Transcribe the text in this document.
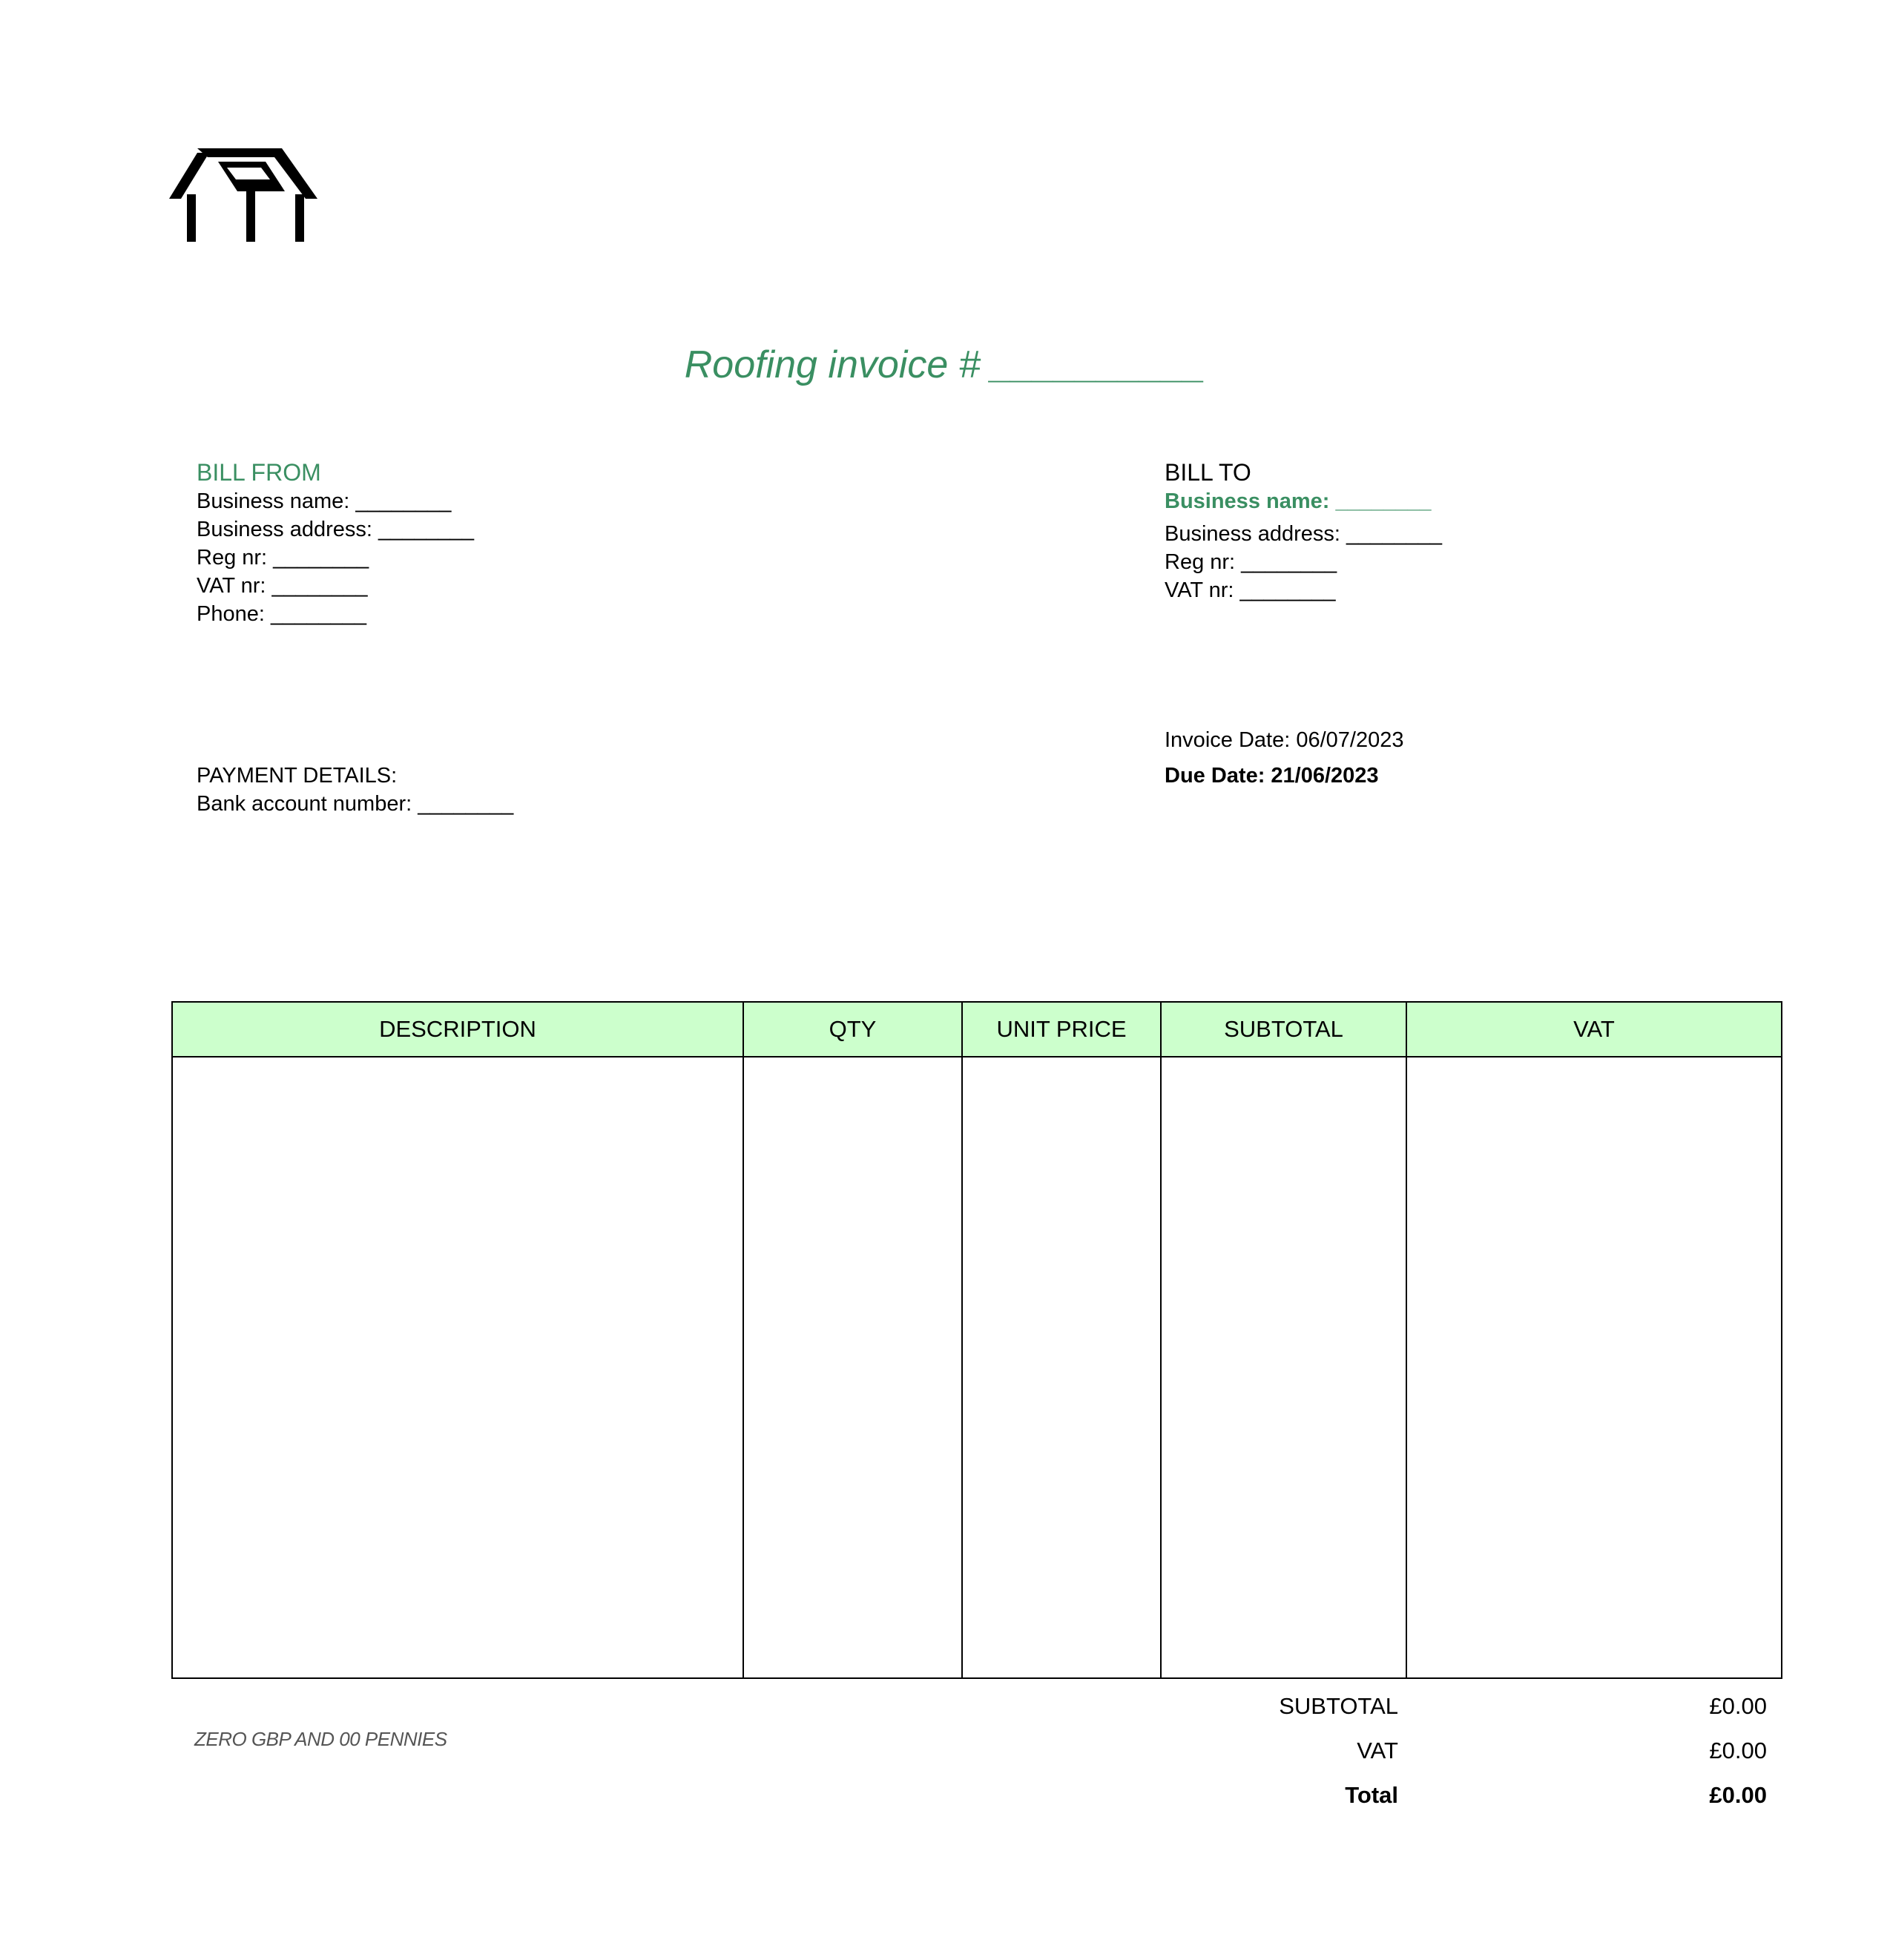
Roofing invoice # __________
BILL FROM
Business name: ________
Business address: ________
Reg nr: ________
VAT nr: ________
Phone: ________
BILL TO
Business name: ________
Business address: ________
Reg nr: ________
VAT nr: ________
Invoice Date: 06/07/2023
Due Date: 21/06/2023
PAYMENT DETAILS:
Bank account number: ________
DESCRIPTION	QTY	UNIT PRICE	SUBTOTAL	VAT

SUBTOTAL	£0.00
VAT	£0.00
Total	£0.00
ZERO GBP AND 00 PENNIES
